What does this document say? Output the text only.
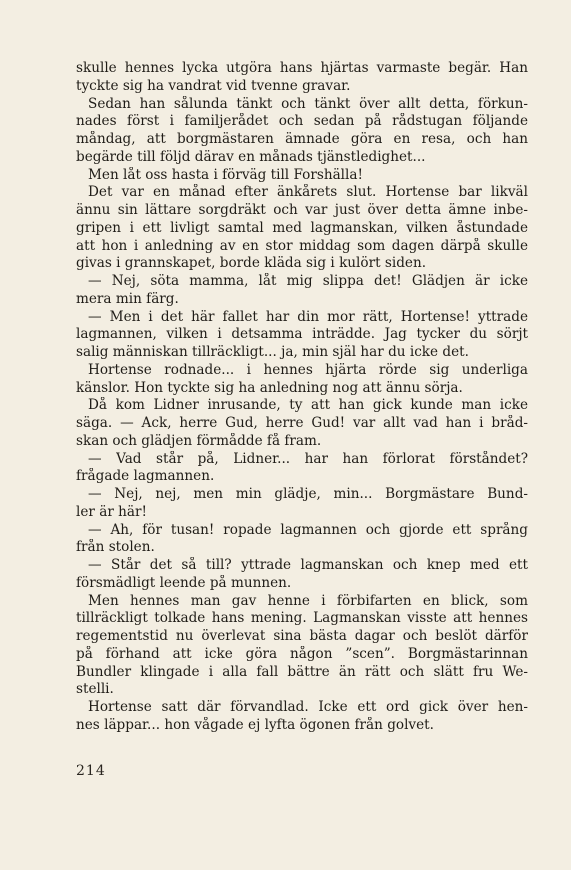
skulle hennes lycka utgöra hans hjärtas varmaste begär. Han
tyckte sig ha vandrat vid tvenne gravar.
Sedan han sålunda tänkt och tänkt över allt detta, förkun-
nades först i familjerådet och sedan på rådstugan följande
måndag, att borgmästaren ämnade göra en resa, och han
begärde till följd därav en månads tjänstledighet...
Men låt oss hasta i förväg till Forshälla!
Det var en månad efter änkårets slut. Hortense bar likväl
ännu sin lättare sorgdräkt och var just över detta ämne inbe-
gripen i ett livligt samtal med lagmanskan, vilken åstundade
att hon i anledning av en stor middag som dagen därpå skulle
givas i grannskapet, borde kläda sig i kulört siden.
— Nej, söta mamma, låt mig slippa det! Glädjen är icke
mera min färg.
— Men i det här fallet har din mor rätt, Hortense! yttrade
lagmannen, vilken i detsamma inträdde. Jag tycker du sörjt
salig människan tillräckligt... ja, min själ har du icke det.
Hortense rodnade... i hennes hjärta rörde sig underliga
känslor. Hon tyckte sig ha anledning nog att ännu sörja.
Då kom Lidner inrusande, ty att han gick kunde man icke
säga. — Ack, herre Gud, herre Gud! var allt vad han i bråd-
skan och glädjen förmådde få fram.
— Vad står på, Lidner... har han förlorat förståndet?
frågade lagmannen.
— Nej, nej, men min glädje, min... Borgmästare Bund-
ler är här!
— Ah, för tusan! ropade lagmannen och gjorde ett språng
från stolen.
— Står det så till? yttrade lagmanskan och knep med ett
försmädligt leende på munnen.
Men hennes man gav henne i förbifarten en blick, som
tillräckligt tolkade hans mening. Lagmanskan visste att hennes
regementstid nu överlevat sina bästa dagar och beslöt därför
på förhand att icke göra någon ”scen”. Borgmästarinnan
Bundler klingade i alla fall bättre än rätt och slätt fru We-
stelli.
Hortense satt där förvandlad. Icke ett ord gick över hen-
nes läppar... hon vågade ej lyfta ögonen från golvet.
214
